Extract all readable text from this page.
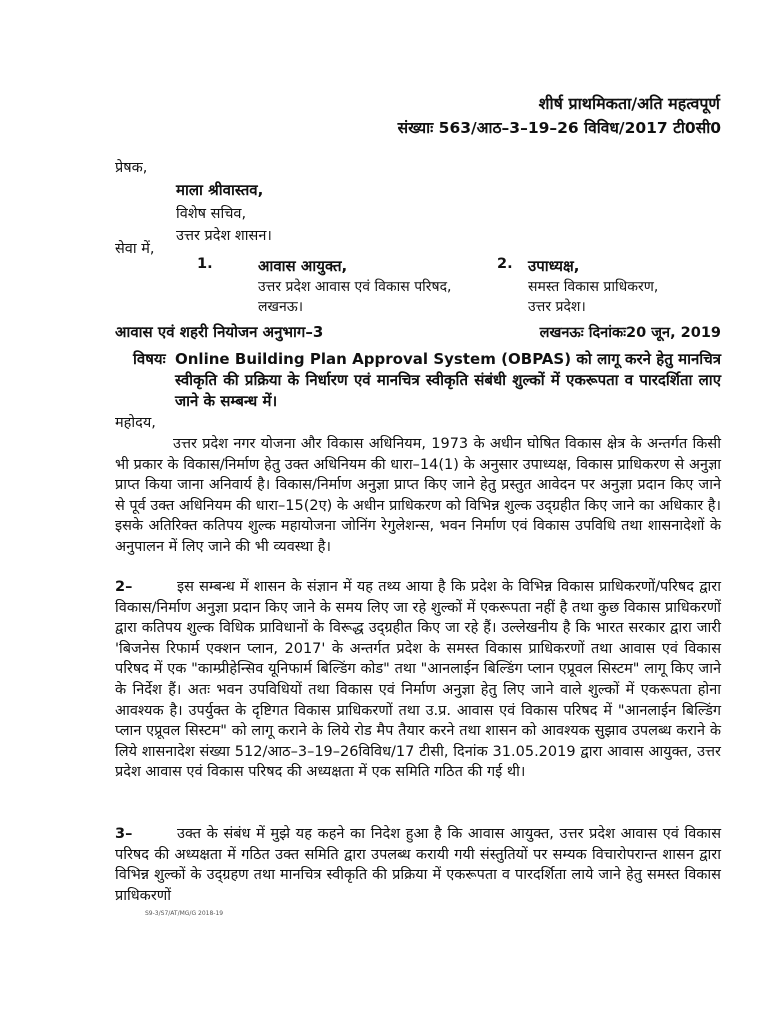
शीर्ष प्राथमिकता/अति महत्वपूर्ण
संख्याः 563/आठ–3–19–26 विविध/2017 टी0सी0
प्रेषक,
माला श्रीवास्तव,
विशेष सचिव,
उत्तर प्रदेश शासन।
सेवा में,
1.	आवास आयुक्त,
उत्तर प्रदेश आवास एवं विकास परिषद,
लखनऊ।
2. उपाध्यक्ष,
समस्त विकास प्राधिकरण,
उत्तर प्रदेश।
आवास एवं शहरी नियोजन अनुभाग–3	लखनऊः दिनांकः20 जून, 2019
विषयः Online Building Plan Approval System (OBPAS) को लागू करने हेतु मानचित्र स्वीकृति की प्रक्रिया के निर्धारण एवं मानचित्र स्वीकृति संबंधी शुल्कों में एकरूपता व पारदर्शिता लाए जाने के सम्बन्ध में।
महोदय,
उत्तर प्रदेश नगर योजना और विकास अधिनियम, 1973 के अधीन घोषित विकास क्षेत्र के अन्तर्गत किसी भी प्रकार के विकास/निर्माण हेतु उक्त अधिनियम की धारा–14(1) के अनुसार उपाध्यक्ष, विकास प्राधिकरण से अनुज्ञा प्राप्त किया जाना अनिवार्य है। विकास/निर्माण अनुज्ञा प्राप्त किए जाने हेतु प्रस्तुत आवेदन पर अनुज्ञा प्रदान किए जाने से पूर्व उक्त अधिनियम की धारा–15(2ए) के अधीन प्राधिकरण को विभिन्न शुल्क उद्ग्रहीत किए जाने का अधिकार है। इसके अतिरिक्त कतिपय शुल्क महायोजना जोनिंग रेगुलेशन्स, भवन निर्माण एवं विकास उपविधि तथा शासनादेशों के अनुपालन में लिए जाने की भी व्यवस्था है।
2–	इस सम्बन्ध में शासन के संज्ञान में यह तथ्य आया है कि प्रदेश के विभिन्न विकास प्राधिकरणों/परिषद द्वारा विकास/निर्माण अनुज्ञा प्रदान किए जाने के समय लिए जा रहे शुल्कों में एकरूपता नहीं है तथा कुछ विकास प्राधिकरणों द्वारा कतिपय शुल्क विधिक प्राविधानों के विरूद्ध उद्ग्रहीत किए जा रहे हैं। उल्लेखनीय है कि भारत सरकार द्वारा जारी 'बिजनेस रिफार्म एक्शन प्लान, 2017' के अन्तर्गत प्रदेश के समस्त विकास प्राधिकरणों तथा आवास एवं विकास परिषद में एक "काम्प्रीहेन्सिव यूनिफार्म बिल्डिंग कोड" तथा "आनलाईन बिल्डिंग प्लान एप्रूवल सिस्टम" लागू किए जाने के निर्देश हैं। अतः भवन उपविधियों तथा विकास एवं निर्माण अनुज्ञा हेतु लिए जाने वाले शुल्कों में एकरूपता होना आवश्यक है। उपर्युक्त के दृष्टिगत विकास प्राधिकरणों तथा उ.प्र. आवास एवं विकास परिषद में "आनलाईन बिल्डिंग प्लान एप्रूवल सिस्टम" को लागू कराने के लिये रोड मैप तैयार करने तथा शासन को आवश्यक सुझाव उपलब्ध कराने के लिये शासनादेश संख्या 512/आठ–3–19–26विविध/17 टीसी, दिनांक 31.05.2019 द्वारा आवास आयुक्त, उत्तर प्रदेश आवास एवं विकास परिषद की अध्यक्षता में एक समिति गठित की गई थी।
3–	उक्त के संबंध में मुझे यह कहने का निदेश हुआ है कि आवास आयुक्त, उत्तर प्रदेश आवास एवं विकास परिषद की अध्यक्षता में गठित उक्त समिति द्वारा उपलब्ध करायी गयी संस्तुतियों पर सम्यक विचारोपरान्त शासन द्वारा विभिन्न शुल्कों के उद्ग्रहण तथा मानचित्र स्वीकृति की प्रक्रिया में एकरूपता व पारदर्शिता लाये जाने हेतु समस्त विकास प्राधिकरणों
S9-3/S7/AT/MG/G 2018-19
